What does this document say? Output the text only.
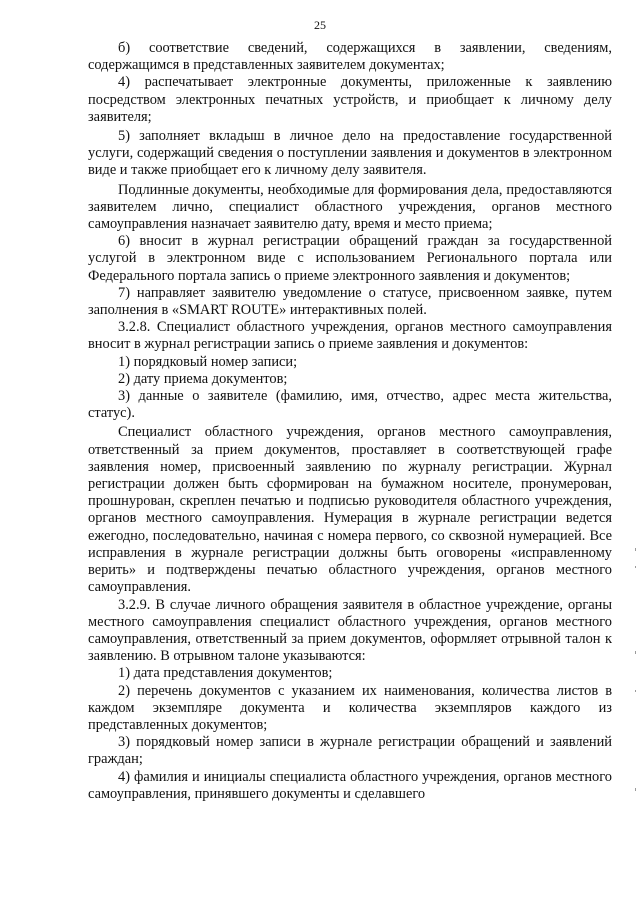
25

б) соответствие сведений, содержащихся в заявлении, сведениям, содержащимся в представленных заявителем документах;

4) распечатывает электронные документы, приложенные к заявлению посредством электронных печатных устройств, и приобщает к личному делу заявителя;

5) заполняет вкладыш в личное дело на предоставление государственной услуги, содержащий сведения о поступлении заявления и документов в электронном виде и также приобщает его к личному делу заявителя.

Подлинные документы, необходимые для формирования дела, предоставляются заявителем лично, специалист областного учреждения, органов местного самоуправления назначает заявителю дату, время и место приема;

6) вносит в журнал регистрации обращений граждан за государственной услугой в электронном виде с использованием Регионального портала или Федерального портала запись о приеме электронного заявления и документов;

7) направляет заявителю уведомление о статусе, присвоенном заявке, путем заполнения в «SMART ROUTE» интерактивных полей.

3.2.8. Специалист областного учреждения, органов местного самоуправления вносит в журнал регистрации запись о приеме заявления и документов:

1) порядковый номер записи;

2) дату приема документов;

3) данные о заявителе (фамилию, имя, отчество, адрес места жительства, статус).

Специалист областного учреждения, органов местного самоуправления, ответственный за прием документов, проставляет в соответствующей графе заявления номер, присвоенный заявлению по журналу регистрации. Журнал регистрации должен быть сформирован на бумажном носителе, пронумерован, прошнурован, скреплен печатью и подписью руководителя областного учреждения, органов местного самоуправления. Нумерация в журнале регистрации ведется ежегодно, последовательно, начиная с номера первого, со сквозной нумерацией. Все исправления в журнале регистрации должны быть оговорены «исправленному верить» и подтверждены печатью областного учреждения, органов местного самоуправления.

3.2.9. В случае личного обращения заявителя в областное учреждение, органы местного самоуправления специалист областного учреждения, органов местного самоуправления, ответственный за прием документов, оформляет отрывной талон к заявлению. В отрывном талоне указываются:

1) дата представления документов;

2) перечень документов с указанием их наименования, количества листов в каждом экземпляре документа и количества экземпляров каждого из представленных документов;

3) порядковый номер записи в журнале регистрации обращений и заявлений граждан;

4) фамилия и инициалы специалиста областного учреждения, органов местного самоуправления, принявшего документы и сделавшего
